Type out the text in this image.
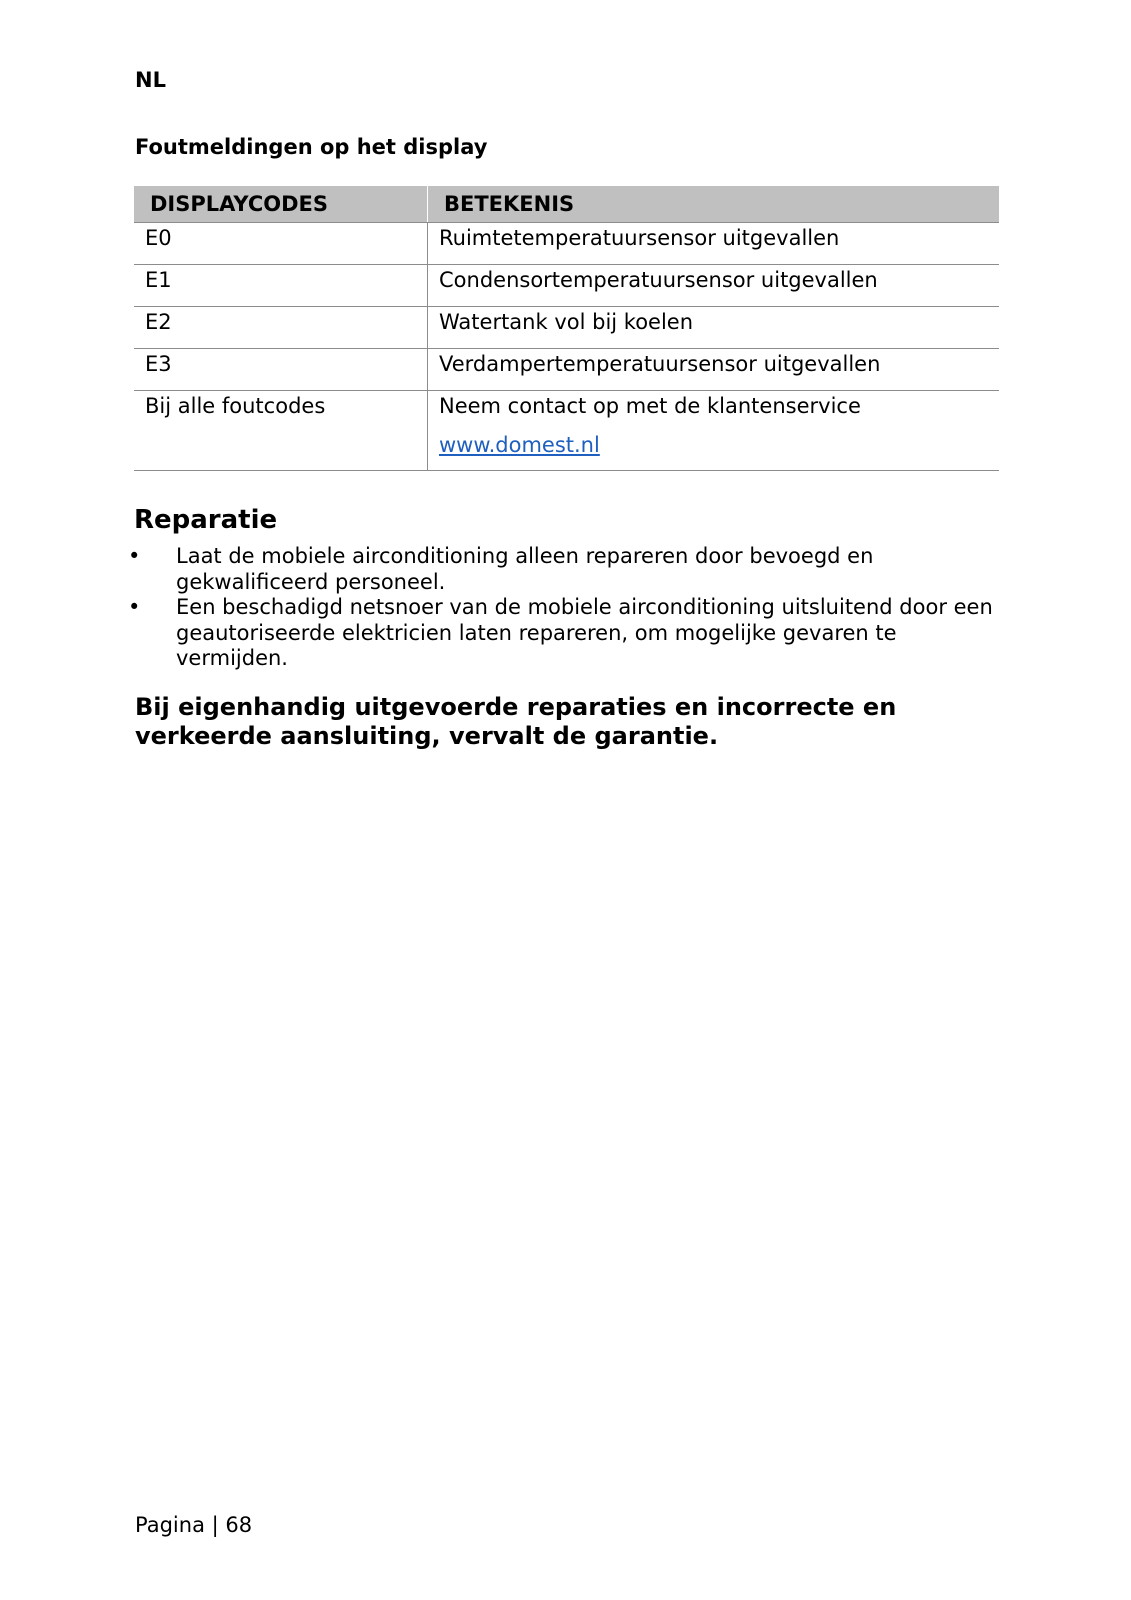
NL
Foutmeldingen op het display
DISPLAYCODES	BETEKENIS
E0	Ruimtetemperatuursensor uitgevallen
E1	Condensortemperatuursensor uitgevallen
E2	Watertank vol bij koelen
E3	Verdampertemperatuursensor uitgevallen
Bij alle foutcodes	Neem contact op met de klantenservice
www.domest.nl
Reparatie
• Laat de mobiele airconditioning alleen repareren door bevoegd en gekwalificeerd personeel.
• Een beschadigd netsnoer van de mobiele airconditioning uitsluitend door een geautoriseerde elektricien laten repareren, om mogelijke gevaren te vermijden.
Bij eigenhandig uitgevoerde reparaties en incorrecte en verkeerde aansluiting, vervalt de garantie.
Pagina | 68
